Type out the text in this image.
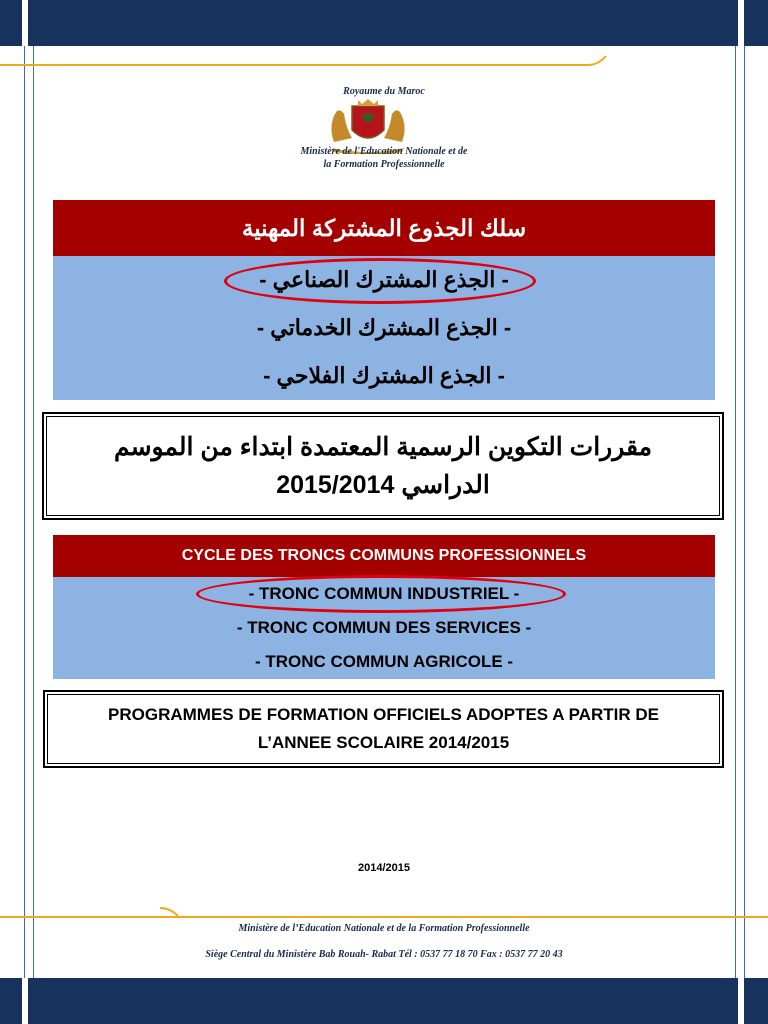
Royaume du Maroc
Ministère de l'Education Nationale et de
la Formation Professionnelle
سلك الجذوع المشتركة المهنية
- الجذع المشترك الصناعي -
- الجذع المشترك الخدماتي -
- الجذع المشترك الفلاحي -
مقررات التكوين الرسمية المعتمدة ابتداء من الموسم
الدراسي 2015/2014
CYCLE DES TRONCS COMMUNS PROFESSIONNELS
- TRONC COMMUN INDUSTRIEL -
- TRONC COMMUN DES SERVICES -
- TRONC COMMUN AGRICOLE -
PROGRAMMES DE FORMATION OFFICIELS ADOPTES A PARTIR DE
L’ANNEE SCOLAIRE 2014/2015
2014/2015
Ministère de l’Education Nationale et de la Formation Professionnelle
Siège Central du Ministère Bab Rouah- Rabat Tél : 0537 77 18 70 Fax : 0537 77 20 43
